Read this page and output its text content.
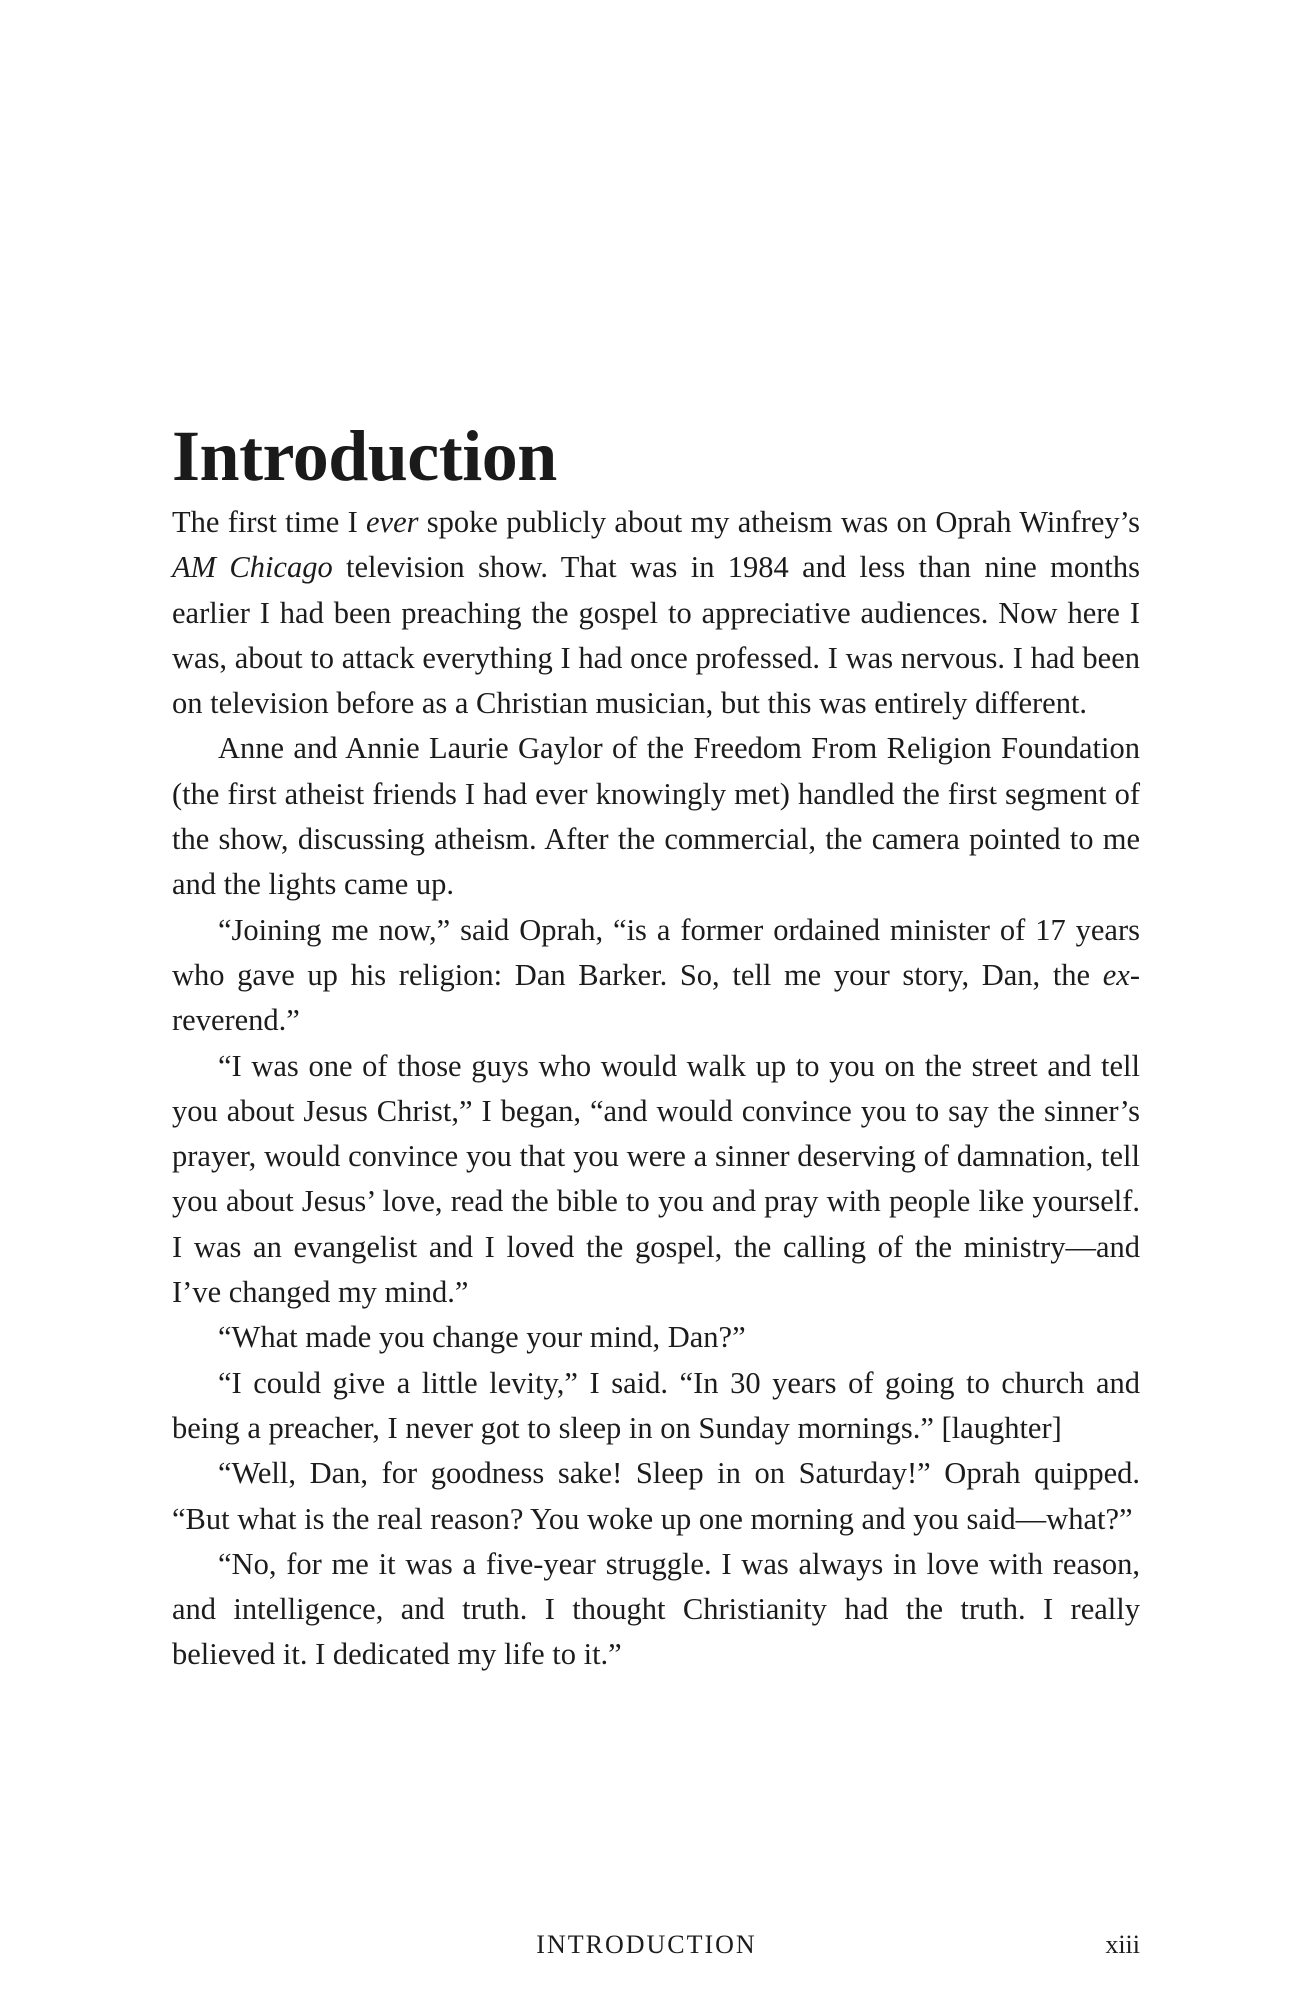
Introduction

The first time I ever spoke publicly about my atheism was on Oprah Winfrey’s AM Chicago television show. That was in 1984 and less than nine months earlier I had been preaching the gospel to appreciative audiences. Now here I was, about to attack everything I had once professed. I was nervous. I had been on television before as a Christian musician, but this was entirely different.

Anne and Annie Laurie Gaylor of the Freedom From Religion Foundation (the first atheist friends I had ever knowingly met) handled the first segment of the show, discussing atheism. After the commercial, the camera pointed to me and the lights came up.

“Joining me now,” said Oprah, “is a former ordained minister of 17 years who gave up his religion: Dan Barker. So, tell me your story, Dan, the ex-reverend.”

“I was one of those guys who would walk up to you on the street and tell you about Jesus Christ,” I began, “and would convince you to say the sinner’s prayer, would convince you that you were a sinner deserving of damnation, tell you about Jesus’ love, read the bible to you and pray with people like yourself. I was an evangelist and I loved the gospel, the calling of the ministry—and I’ve changed my mind.”

“What made you change your mind, Dan?”

“I could give a little levity,” I said. “In 30 years of going to church and being a preacher, I never got to sleep in on Sunday mornings.” [laughter]

“Well, Dan, for goodness sake! Sleep in on Saturday!” Oprah quipped. “But what is the real reason? You woke up one morning and you said—what?”

“No, for me it was a five-year struggle. I was always in love with reason, and intelligence, and truth. I thought Christianity had the truth. I really believed it. I dedicated my life to it.”

INTRODUCTION	xiii
